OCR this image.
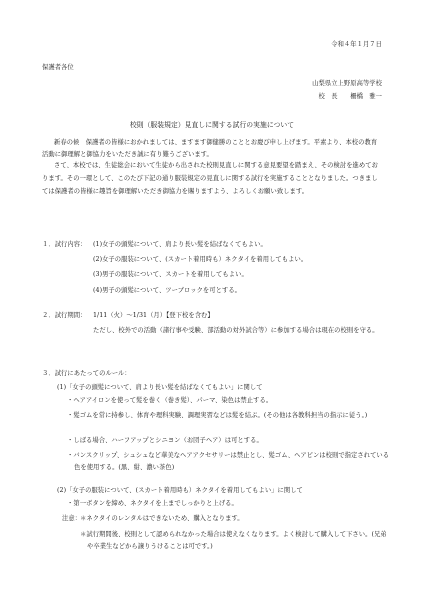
令和４年１月７日
保護者各位
山梨県立上野原高等学校
校　長　　柵橋　雅一
校則（服装規定）見直しに関する試行の実施について
新春の候　保護者の皆様におかれましては、ますます御健勝のこととお慶び申し上げます。平素より、本校の教育活動に御理解と御協力をいただき誠に有り難うございます。
さて、本校では、生徒総会において生徒から出された校則見直しに関する意見要望を踏まえ、その検討を進めております。その一環として、このたび下記の通り服装規定の見直しに関する試行を実施することとなりました。つきましては保護者の皆様に趣旨を御理解いただき御協力を賜りますよう、よろしくお願い致します。
１．試行内容： (1)女子の頭髪について、肩より長い髪を結ばなくてもよい。
(2)女子の服装について、(スカート着用時も）ネクタイを着用してもよい。
(3)男子の服装について、スカートを着用してもよい。
(4)男子の頭髪について、ツーブロックを可とする。
２．試行期間： 1/11（火）～1/31（月）【登下校を含む】
ただし、校外での活動（諸行事や受験、部活動の対外試合等）に参加する場合は現在の校則を守る。
３．試行にあたってのルール：
(1)「女子の頭髪について、肩より長い髪を結ばなくてもよい」に関して
・ヘアアイロンを使って髪を巻く（巻き髪）、パーマ、染色は禁止する。
・髪ゴムを常に持参し、体育や理科実験、調理実習などは髪を結ぶ。(その他は各教科担当の指示に従う。)
・しばる場合、ハーフアップとシニヨン（お団子ヘア）は可とする。
・バンスクリップ、シュシュなど華美なヘアアクセサリーは禁止とし、髪ゴム、ヘアピンは校則で指定されている色を使用する。(黒、紺、濃い茶色)
(2)「女子の服装について、(スカート着用時も）ネクタイを着用してもよい」に関して
・第一ボタンを締め、ネクタイを上までしっかりと上げる。
注意：
＊ネクタイのレンタルはできないため、購入となります。
＊試行期間後、校則として認められなかった場合は使えなくなります。よく検討して購入して下さい。(兄弟や卒業生などから譲りうけることは可です。)
